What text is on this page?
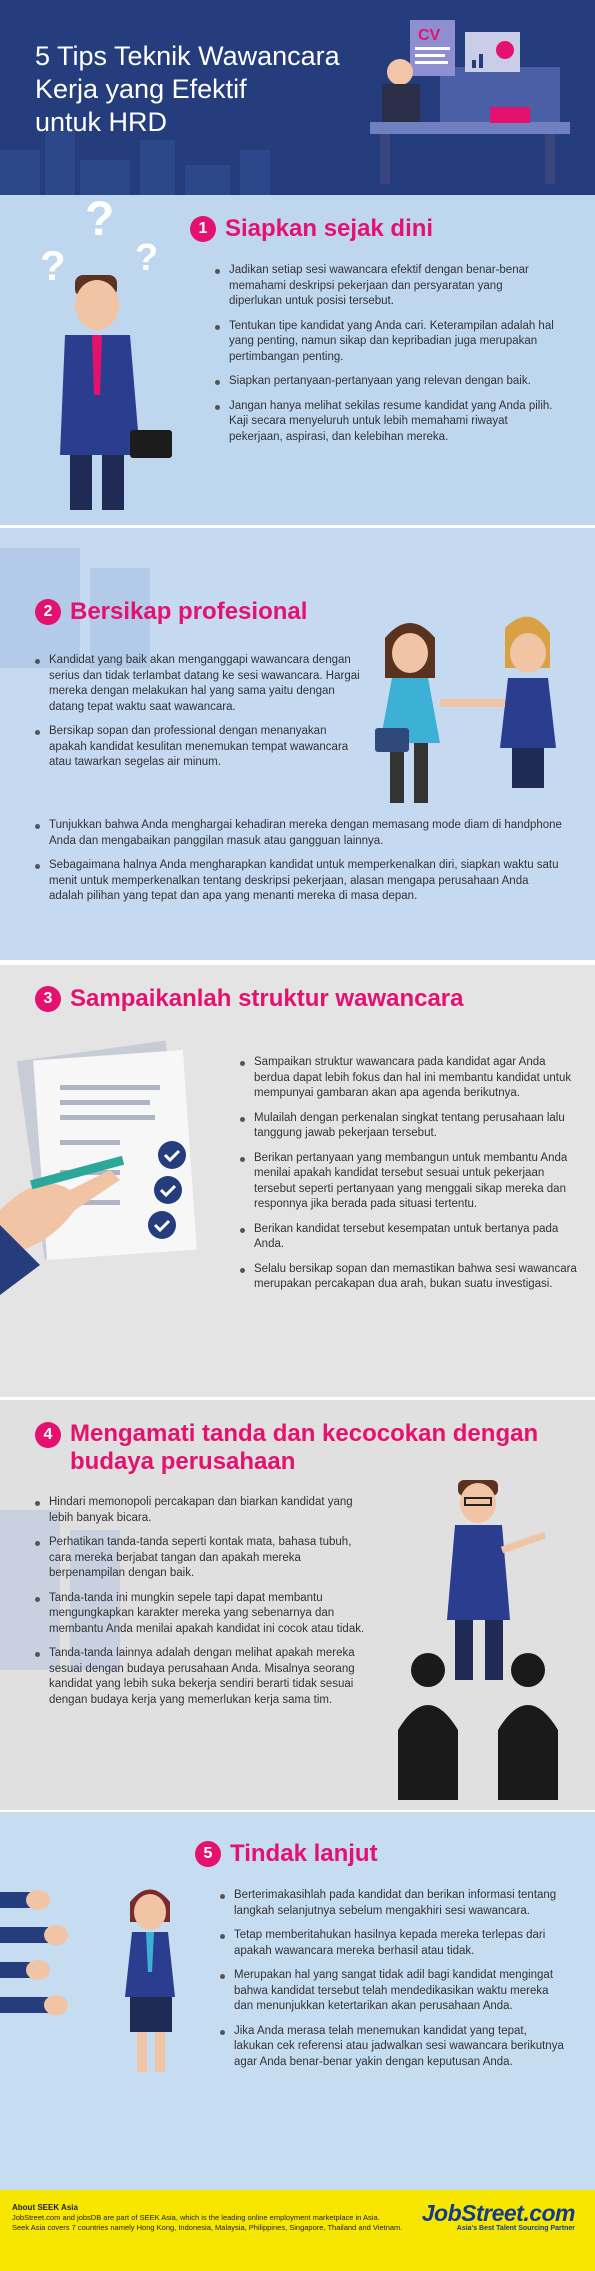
5 Tips Teknik Wawancara
Kerja yang Efektif
untuk HRD
CV
?
?
?
1 Siapkan sejak dini
Jadikan setiap sesi wawancara efektif dengan benar-benar memahami deskripsi pekerjaan dan persyaratan yang diperlukan untuk posisi tersebut.
Tentukan tipe kandidat yang Anda cari. Keterampilan adalah hal yang penting, namun sikap dan kepribadian juga merupakan pertimbangan penting.
Siapkan pertanyaan-pertanyaan yang relevan dengan baik.
Jangan hanya melihat sekilas resume kandidat yang Anda pilih. Kaji secara menyeluruh untuk lebih memahami riwayat pekerjaan, aspirasi, dan kelebihan mereka.
2 Bersikap profesional
Kandidat yang baik akan menganggapi wawancara dengan serius dan tidak terlambat datang ke sesi wawancara. Hargai mereka dengan melakukan hal yang sama yaitu dengan datang tepat waktu saat wawancara.
Bersikap sopan dan professional dengan menanyakan apakah kandidat kesulitan menemukan tempat wawancara atau tawarkan segelas air minum.
Tunjukkan bahwa Anda menghargai kehadiran mereka dengan memasang mode diam di handphone Anda dan mengabaikan panggilan masuk atau gangguan lainnya.
Sebagaimana halnya Anda mengharapkan kandidat untuk memperkenalkan diri, siapkan waktu satu menit untuk memperkenalkan tentang deskripsi pekerjaan, alasan mengapa perusahaan Anda adalah pilihan yang tepat dan apa yang menanti mereka di masa depan.
3 Sampaikanlah struktur wawancara
Sampaikan struktur wawancara pada kandidat agar Anda berdua dapat lebih fokus dan hal ini membantu kandidat untuk mempunyai gambaran akan apa agenda berikutnya.
Mulailah dengan perkenalan singkat tentang perusahaan lalu tanggung jawab pekerjaan tersebut.
Berikan pertanyaan yang membangun untuk membantu Anda menilai apakah kandidat tersebut sesuai untuk pekerjaan tersebut seperti pertanyaan yang menggali sikap mereka dan responnya jika berada pada situasi tertentu.
Berikan kandidat tersebut kesempatan untuk bertanya pada Anda.
Selalu bersikap sopan dan memastikan bahwa sesi wawancara merupakan percakapan dua arah, bukan suatu investigasi.
4 Mengamati tanda dan kecocokan dengan budaya perusahaan
Hindari memonopoli percakapan dan biarkan kandidat yang lebih banyak bicara.
Perhatikan tanda-tanda seperti kontak mata, bahasa tubuh, cara mereka berjabat tangan dan apakah mereka berpenampilan dengan baik.
Tanda-tanda ini mungkin sepele tapi dapat membantu mengungkapkan karakter mereka yang sebenarnya dan membantu Anda menilai apakah kandidat ini cocok atau tidak.
Tanda-tanda lainnya adalah dengan melihat apakah mereka sesuai dengan budaya perusahaan Anda. Misalnya seorang kandidat yang lebih suka bekerja sendiri berarti tidak sesuai dengan budaya kerja yang memerlukan kerja sama tim.
5 Tindak lanjut
Berterimakasihlah pada kandidat dan berikan informasi tentang langkah selanjutnya sebelum mengakhiri sesi wawancara.
Tetap memberitahukan hasilnya kepada mereka terlepas dari apakah wawancara mereka berhasil atau tidak.
Merupakan hal yang sangat tidak adil bagi kandidat mengingat bahwa kandidat tersebut telah mendedikasikan waktu mereka dan menunjukkan ketertarikan akan perusahaan Anda.
Jika Anda merasa telah menemukan kandidat yang tepat, lakukan cek referensi atau jadwalkan sesi wawancara berikutnya agar Anda benar-benar yakin dengan keputusan Anda.
About SEEK Asia
JobStreet.com and jobsDB are part of SEEK Asia, which is the leading online employment marketplace in Asia.
Seek Asia covers 7 countries namely Hong Kong, Indonesia, Malaysia, Philippines, Singapore, Thailand and Vietnam.
JobStreet.com
Asia's Best Talent Sourcing Partner
